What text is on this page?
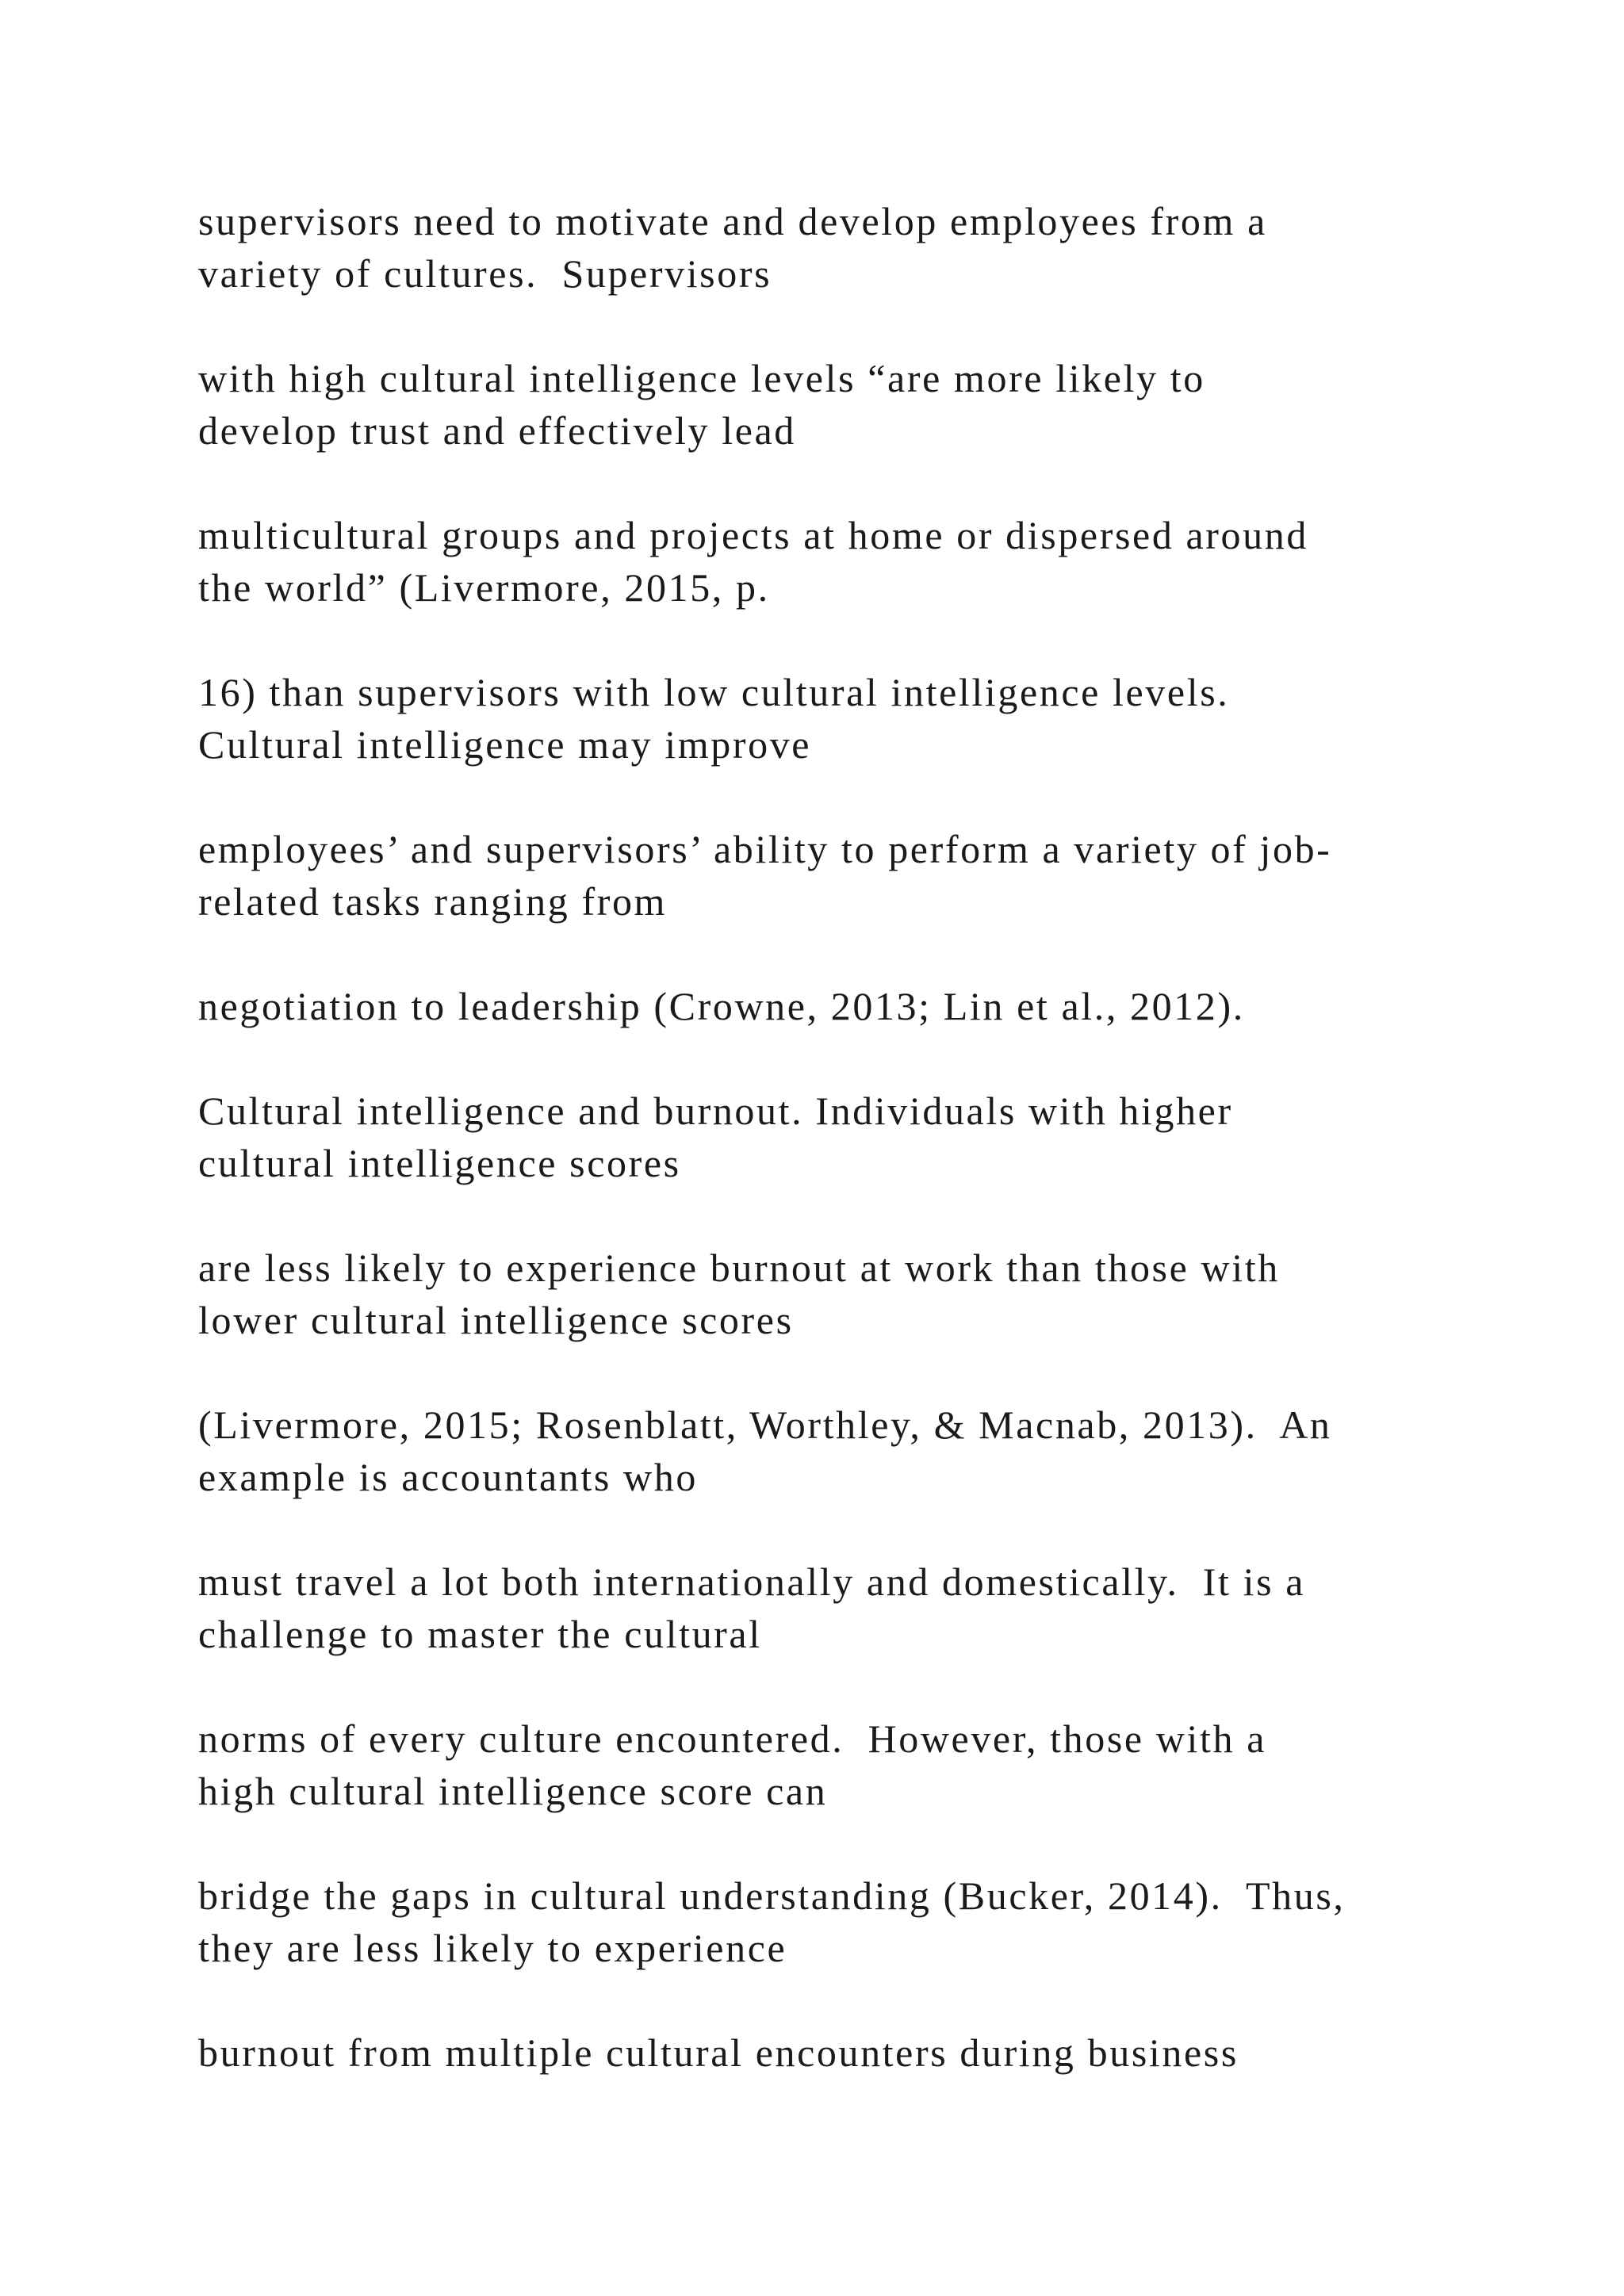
supervisors need to motivate and develop employees from a
variety of cultures.  Supervisors

with high cultural intelligence levels “are more likely to
develop trust and effectively lead

multicultural groups and projects at home or dispersed around
the world” (Livermore, 2015, p.

16) than supervisors with low cultural intelligence levels.
Cultural intelligence may improve

employees’ and supervisors’ ability to perform a variety of job-
related tasks ranging from

negotiation to leadership (Crowne, 2013; Lin et al., 2012).

Cultural intelligence and burnout. Individuals with higher
cultural intelligence scores

are less likely to experience burnout at work than those with
lower cultural intelligence scores

(Livermore, 2015; Rosenblatt, Worthley, & Macnab, 2013).  An
example is accountants who

must travel a lot both internationally and domestically.  It is a
challenge to master the cultural

norms of every culture encountered.  However, those with a
high cultural intelligence score can

bridge the gaps in cultural understanding (Bucker, 2014).  Thus,
they are less likely to experience

burnout from multiple cultural encounters during business
